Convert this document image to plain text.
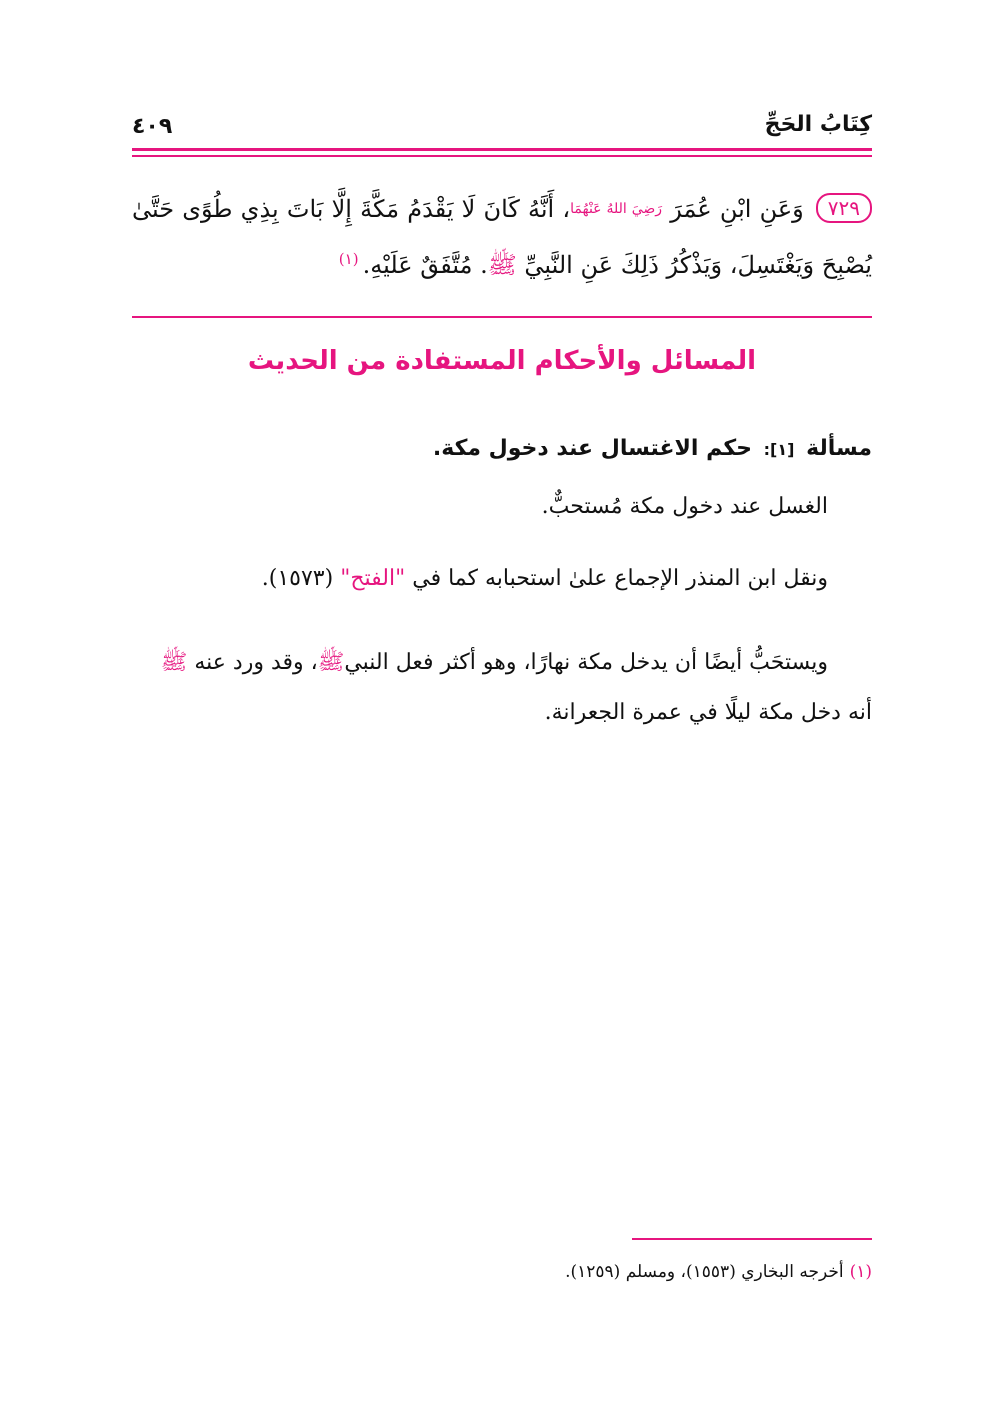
كِتَابُ الحَجِّ
٤٠٩
٧٢٩وَعَنِ ابْنِ عُمَرَ رَضِيَ اللهُ عَنْهُمَا، أَنَّهُ كَانَ لَا يَقْدَمُ مَكَّةَ إِلَّا بَاتَ بِذِي طُوًى حَتَّىٰ يُصْبِحَ وَيَغْتَسِلَ، وَيَذْكُرُ ذَلِكَ عَنِ النَّبِيِّ ﷺ. مُتَّفَقٌ عَلَيْهِ.$^{(١)}$
المسائل والأحكام المستفادة من الحديث
مسألة [١]: حكم الاغتسال عند دخول مكة.
الغسل عند دخول مكة مُستحبٌّ.
ونقل ابن المنذر الإجماع علىٰ استحبابه كما في "الفتح" (١٥٧٣).
ويستحَبُّ أيضًا أن يدخل مكة نهارًا، وهو أكثر فعل النبيﷺ، وقد ورد عنه ﷺ أنه دخل مكة ليلًا في عمرة الجعرانة.
(١)أخرجه البخاري (١٥٥٣)، ومسلم (١٢٥٩).
